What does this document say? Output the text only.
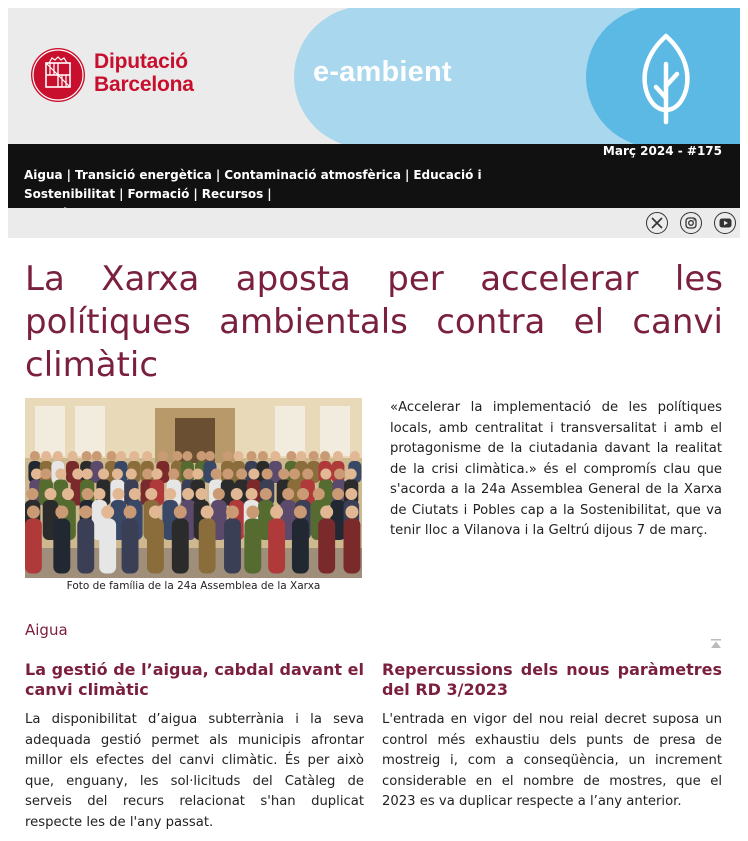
Diputació
Barcelona	e-ambient
Març 2024 - #175
Aigua | Transició energètica | Contaminació atmosfèrica | Educació i Sostenibilitat | Formació | Recursos |

La Xarxa aposta per accelerar les polítiques ambientals contra el canvi climàtic
Foto de família de la 24a Assemblea de la Xarxa
«Accelerar la implementació de les polítiques locals, amb centralitat i transversalitat i amb el protagonisme de la ciutadania davant la realitat de la crisi climàtica.» és el compromís clau que s'acorda a la 24a Assemblea General de la Xarxa de Ciutats i Pobles cap a la Sostenibilitat, que va tenir lloc a Vilanova i la Geltrú dijous 7 de març.
Aigua
La gestió de l’aigua, cabdal davant el canvi climàtic
La disponibilitat d’aigua subterrània i la seva adequada gestió permet als municipis afrontar millor els efectes del canvi climàtic. És per això que, enguany, les sol·licituds del Catàleg de serveis del recurs relacionat s'han duplicat respecte les de l'any passat.
Repercussions dels nous paràmetres del RD 3/2023
L'entrada en vigor del nou reial decret suposa un control més exhaustiu dels punts de presa de mostreig i, com a conseqüència, un increment considerable en el nombre de mostres, que el 2023 es va duplicar respecte a l’any anterior.
